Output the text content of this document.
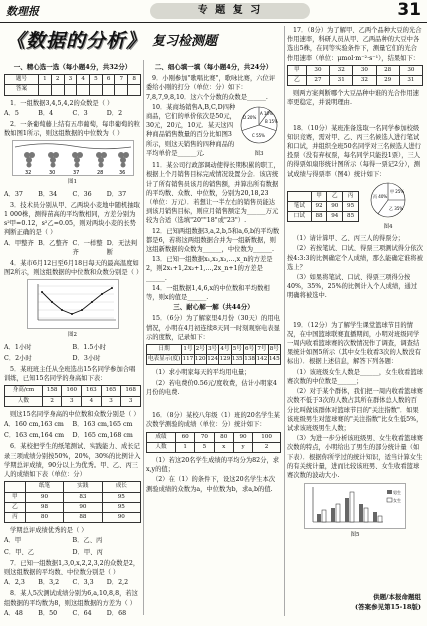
数理报	专 题 复 习	31
《数据的分析》 复习检测题
一、精心选一选（每小题4分，共32分）
题号	1	2	3	4	5	6	7	8
答案								

1．一组数据3,4,5,4,2的众数是（ ）

A．5	B．4	C．3	D．2

2．一条葡萄藤上结有五串葡萄，每串葡萄的粒数如图1所示，则这组数据的中位数为（ ）

32	30	37	28	36
图1
A．37	B．34	C．36	D．37

3．技术员分别从甲、乙两块小麦地中随机抽取1 000株，测得苗高的平均数相同，方差分别为s²甲=0.12，s²乙=0.05，则对两块小麦的长势判断正确的是（ ）

A．甲整齐 B．乙整齐 C．一样整齐
D．无法判断

4．某市6月12日至6月18日每天的最高温度如图2所示，则这组数据的中位数和众数分别是（ ）

图2
A．1小时	B．1.5小时
C．2小时	D．3小时

5．某班班主任从全班选出15名同学参加合唱训练，已知15名同学的身高如下表：

身高/cm	158	160	163	165	168
人数	2	3	4	3	3

则这15名同学身高的中位数和众数分别是（ ）

A．160 cm,163 cm	B．163 cm,165 cm
C．163 cm,164 cm	D．165 cm,168 cm

6．某校把学生的纸笔测试、实践能力、成长记录三项成绩分别按50%，20%，30%的比例计入学期总评成绩，90分以上为优秀。甲、乙、丙三人的成绩如下表（单位：分）

	纸笔	实践	成长
甲	90	83	95
乙	98	90	95
丙	80	88	90

学期总评成绩优秀的是（ ）

A．甲	B．乙、丙
C．甲、乙	D．甲、丙

7．已知一组数据1,3,0,x,2,2,3,2的众数是2，则这组数据的平均数、中位数分别是（ ）

A．2,3	B．3,2	C．3,3	D．2,2

8．某人5次测试成绩分别为6,a,10,8,8，若这组数据的平均数为8，则这组数据的方差为（ ）

A．48	B．50	C．64	D．68
二、细心填一填（每小题4分，共24分）

9．小刚参加"歌唱比赛"，歌咏比赛，六位评委给小刚的打分（单位：分）如下：7,8,7,9,8,10．这六个分数的众数是______.

10．某商场销售A,B,C,D四种商品，它们的单价依次是50元，30元，20元，10元．某天这四种商品销售数量的百分比如图3所示，则这天销售的四种商品的平均单价是______元.

A 10%
B 15%
C 55%
D 20%
图3

11．某公司行政部调动使得长期积累的职工，根据上个月销售目标完成情况设置分会．该店统计了所有销售员该月的销售额，并算出所有数据的平均数、众数、中位数，分别为20,18,23（单位：万元）．若想让一半左右的销售员能达到该月销售目标，则应月销售额定为______万元较为合适（选填"20""18"或"23"）.

12．已知两组数据3,a,2,b,5和a,6,b的平均数都是6，若将这两组数据合并为一组新数据，则这组新数据的众数为______，中位数为______.

13．已知一组数据x₁,x₂,x₃,…,x_n的方差是2，则2x₁+1,2x₂+1,…,2x_n+1的方差是______.

14．一组数据1,4,6,x的中位数和平均数相等，则x的值是______.

三、耐心解一解（共44分）

15．（6分）为了解家里4月份（30天）的用电情况，小明在4月初连续8天同一时刻观察电表显示的度数，记录如下：

日期	1号	2号	3号	4号	5号	6号	7号	8号
电表显示(度)	117	120	124	129	135	138	142	145

（1）求小明家每天的平均用电量；

（2）若电费价0.56元/度收费，估计小明家4月份的电费.

16．（8分）某校八年级（1）班的20名学生某次数学测验的成绩（单位：分）统计如下：

成绩	60	70	80	90	100
人数	1	5	x	y	2

（1）若这20名学生成绩的平均分为82分，求x,y的值；

（2）在（1）的条件下，设这20名学生本次测验成绩的众数为a，中位数为b，求a,b的值.

17．（8分）为了解甲、乙两个品种大豆的光合作用速率，科研人员从甲、乙两品种的大豆中各选出5株，在同等实验条件下，测量它们的光合作用速率（单位：μmol·m⁻²·s⁻¹），结果如下：

甲	30	32	30	28	30
乙	27	31	32	29	31

则两方案判断哪个大豆品种中谁的光合作用速率更稳定，并说明理由.

18．（10分）某班准备选取一名同学参加校级知识竞赛，需对甲、乙、丙三名候选人进行笔试和口试，并组织全班50名同学对三名候选人进行投票（没有弃权票，每名同学只能投1票），三人的得票如扇形统计图所示（每得一票记2分），测试成绩与得票率（图4）统计如下：

	甲	乙	丙
笔试	92	90	95
口试	88	94	85
甲 25%
乙 35%
丙 40%
图4

（1）请计算甲、乙、丙三人的得票分；

（2）若按笔试、口试、得票三项测试得分依次按4:3:3的比例确定个人成绩，那么能确定谁将被选上？

（3）如果将笔试、口试、得票三项得分按40%，35%，25%的比例计入个人成绩，通过明确将被选中.

19．（12分）为了解学生课堂篮球节目的情况，在中国篮球联赛直播期间，小明对班级同学一周内收看篮球赛的次数情况作了调查，调查结果统计如图5所示（其中女生收看3次的人数没有标出）．根据上述信息，解答下列各题：

（1）该班级女生人数是______，女生收看篮球赛次数的中位数是______；

（2）对于某个群体，我们把一周内收看篮球赛次数不低于3次的人数占其所在群体总人数的百分比叫做该群体对篮球节目的"关注指数"．如果该班级男生对篮球赛的"关注指数"比女生低5%，试求该班级男生人数；

（3）为进一步分析该班级男、女生收看篮球赛次数的特点，小明给出了男生的部分统计量（如下表）．根据你所学过的统计知识，适当计算女生的有关统计量，进而比较该班男、女生收看篮球赛次数的波动大小.

男生
女生
图5
供题/本报命题组
(答案参见第15-18版)
